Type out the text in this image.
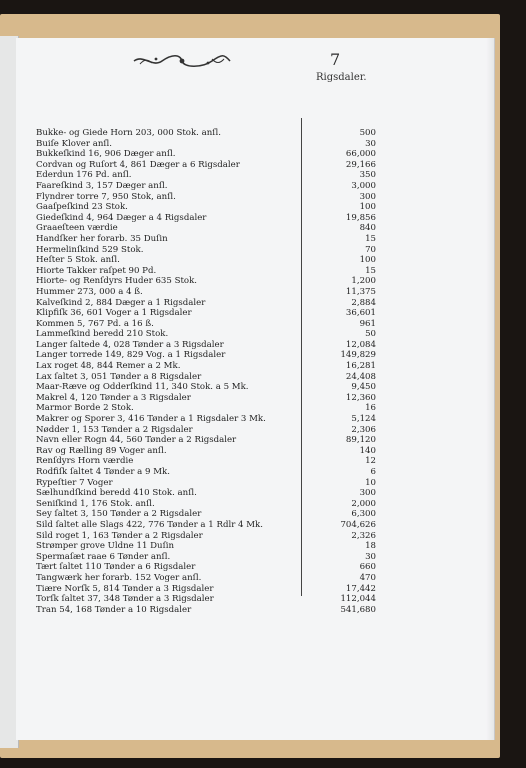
7
Rigsdaler.
Bukke- og Giede Horn 203, 000 Stok. anſl.	500
Buiſe Klover anſl.	30
Bukkeſkind 16, 906 Dæger anſl.	66,000
Cordvan og Ruſort 4, 861 Dæger a 6 Rigsdaler	29,166
Ederdun 176 Pd. anſl.	350
Faareſkind 3, 157 Dæger anſl.	3,000
Flyndrer torre 7, 950 Stok, anſl.	300
Gaaſpeſkind 23 Stok.	100
Giedeſkind 4, 964 Dæger a 4 Rigsdaler	19,856
Graaeſteen værdie	840
Handſker her forarb. 35 Duſin	15
Hermelinſkind 529 Stok.	70
Heſter 5 Stok. anſl.	100
Hiorte Takker raſpet 90 Pd.	15
Hiorte- og Renſdyrs Huder 635 Stok.	1,200
Hummer 273, 000 a 4 ß.	11,375
Kalveſkind 2, 884 Dæger a 1 Rigsdaler	2,884
Klipfiſk 36, 601 Voger a 1 Rigsdaler	36,601
Kommen 5, 767 Pd. a 16 ß.	961
Lammeſkind beredd 210 Stok.	50
Langer ſaltede 4, 028 Tønder a 3 Rigsdaler	12,084
Langer torrede 149, 829 Vog. a 1 Rigsdaler	149,829
Lax roget 48, 844 Remer a 2 Mk.	16,281
Lax ſaltet 3, 051 Tønder a 8 Rigsdaler	24,408
Maar-Ræve og Odderſkind 11, 340 Stok. a 5 Mk.	9,450
Makrel 4, 120 Tønder a 3 Rigsdaler	12,360
Marmor Borde 2 Stok.	16
Makrer og Sporer 3, 416 Tønder a 1 Rigsdaler 3 Mk.	5,124
Nødder 1, 153 Tønder a 2 Rigsdaler	2,306
Navn eller Rogn 44, 560 Tønder a 2 Rigsdaler	89,120
Rav og Rælling 89 Voger anſl.	140
Renſdyrs Horn værdie	12
Rodfiſk ſaltet 4 Tønder a 9 Mk.	6
Rypeſtier 7 Voger	10
Sælhundſkind beredd 410 Stok. anſl.	300
Seniſkind 1, 176 Stok. anſl.	2,000
Sey ſaltet 3, 150 Tønder a 2 Rigsdaler	6,300
Sild ſaltet alle Slags 422, 776 Tønder a 1 Rdlr 4 Mk.	704,626
Sild roget 1, 163 Tønder a 2 Rigsdaler	2,326
Strømper grove Uldne 11 Duſin	18
Spermaſæt raae 6 Tønder anſl.	30
Tært ſaltet 110 Tønder a 6 Rigsdaler	660
Tangwærk her forarb. 152 Voger anſl.	470
Tiære Norſk 5, 814 Tønder a 3 Rigsdaler	17,442
Torſk ſaltet 37, 348 Tønder a 3 Rigsdaler	112,044
Tran 54, 168 Tønder a 10 Rigsdaler	541,680
